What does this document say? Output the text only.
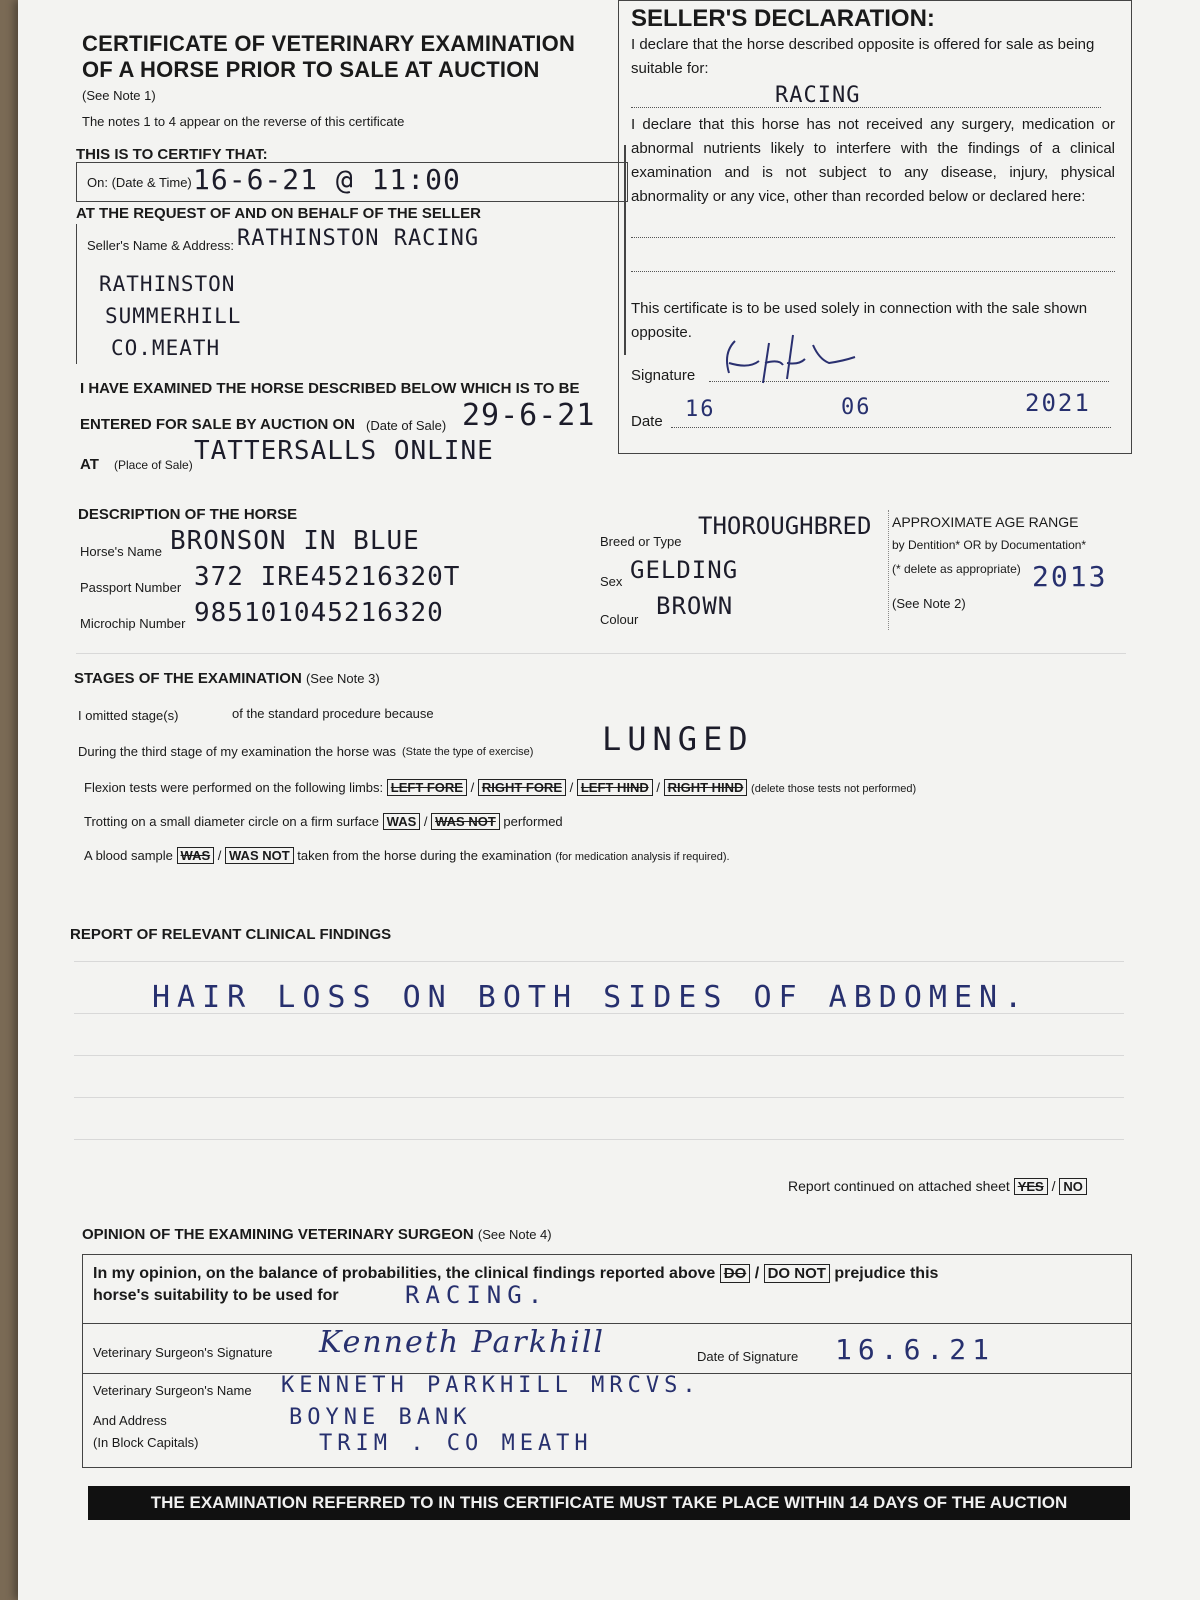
CERTIFICATE OF VETERINARY EXAMINATION
OF A HORSE PRIOR TO SALE AT AUCTION
(See Note 1)
The notes 1 to 4 appear on the reverse of this certificate
THIS IS TO CERTIFY THAT:
On: (Date & Time) 16-6-21 @ 11:00
AT THE REQUEST OF AND ON BEHALF OF THE SELLER
Seller's Name & Address: RATHINSTON RACING
RATHINSTON
SUMMERHILL
CO.MEATH
I HAVE EXAMINED THE HORSE DESCRIBED BELOW WHICH IS TO BE
ENTERED FOR SALE BY AUCTION ON (Date of Sale) 29-6-21
AT (Place of Sale) TATTERSALLS ONLINE
SELLER'S DECLARATION:
I declare that the horse described opposite is offered for sale as being suitable for:
RACING
I declare that this horse has not received any surgery, medication or abnormal nutrients likely to interfere with the findings of a clinical examination and is not subject to any disease, injury, physical abnormality or any vice, other than recorded below or declared here:
This certificate is to be used solely in connection with the sale shown opposite.
Signature
Date 16	06	2021
DESCRIPTION OF THE HORSE
Horse's Name BRONSON IN BLUE
Passport Number 372 IRE45216320T
Microchip Number 985101045216320
Breed or Type
THOROUGHBRED
Sex GELDING
Colour BROWN
APPROXIMATE AGE RANGE
by Dentition* OR by Documentation*
(* delete as appropriate) 2013
(See Note 2)
STAGES OF THE EXAMINATION (See Note 3)
I omitted stage(s)	of the standard procedure because
During the third stage of my examination the horse was (State the type of exercise) LUNGED
Flexion tests were performed on the following limbs: LEFT FORE / RIGHT FORE / LEFT HIND / RIGHT HIND (delete those tests not performed)
Trotting on a small diameter circle on a firm surface WAS / WAS NOT performed
A blood sample WAS / WAS NOT taken from the horse during the examination (for medication analysis if required).
REPORT OF RELEVANT CLINICAL FINDINGS
HAIR LOSS ON BOTH SIDES OF ABDOMEN.
Report continued on attached sheet YES / NO
OPINION OF THE EXAMINING VETERINARY SURGEON (See Note 4)
In my opinion, on the balance of probabilities, the clinical findings reported above DO / DO NOT prejudice this
horse's suitability to be used for	RACING.
Veterinary Surgeon's Signature Kenneth Parkhill	Date of Signature 16.6.21
Veterinary Surgeon's Name KENNETH PARKHILL MRCVS.
And Address
(In Block Capitals)
BOYNE BANK
TRIM . CO MEATH
THE EXAMINATION REFERRED TO IN THIS CERTIFICATE MUST TAKE PLACE WITHIN 14 DAYS OF THE AUCTION
